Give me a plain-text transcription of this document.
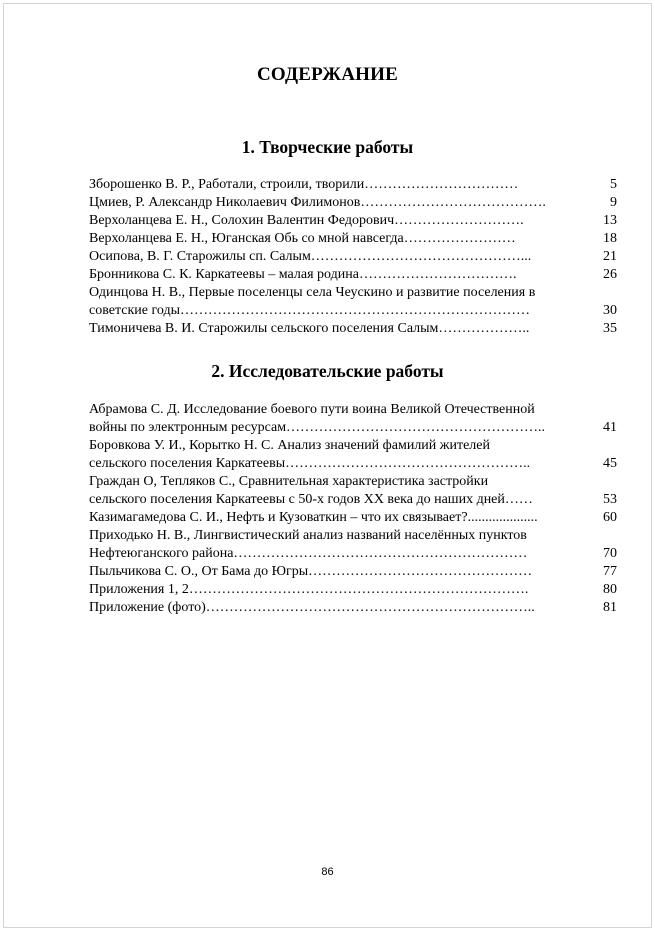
СОДЕРЖАНИЕ
1. Творческие работы
Зборошенко В. Р., Работали, строили, творили……………………………	5
Цмиев, Р. Александр Николаевич Филимонов………………………………….	9
Верхоланцева Е. Н., Солохин Валентин Федорович……………………….	13
Верхоланцева Е. Н., Юганская Обь со мной навсегда……………………	18
Осипова, В. Г. Старожилы сп. Салым………………………………………...	21
Бронникова С. К. Каркатеевы – малая родина…………………………….	26
Одинцова Н. В., Первые поселенцы села Чеускино и развитие поселения в
советские годы…………………………………………………………………	30
Тимоничева В. И. Старожилы сельского поселения Салым………………..	35
2. Исследовательские работы
Абрамова С. Д. Исследование боевого пути воина Великой Отечественной
войны по электронным ресурсам………………………………………………..	41
Боровкова У. И., Корытко Н. С. Анализ значений фамилий жителей
сельского поселения Каркатеевы……………………………………………..	45
Граждан О, Тепляков С., Сравнительная характеристика застройки
сельского поселения Каркатеевы с 50-х годов ХХ века до наших дней……	53
Казимагамедова С. И., Нефть и Кузоваткин – что их связывает?....................	60
Приходько Н. В., Лингвистический анализ названий населённых пунктов
Нефтеюганского района………………………………………………………	70
Пыльчикова С. О., От Бама до Югры…………………………………………	77
Приложения 1, 2……………………………………………………………….	80
Приложение (фото)……………………………………………………………..	81
86
